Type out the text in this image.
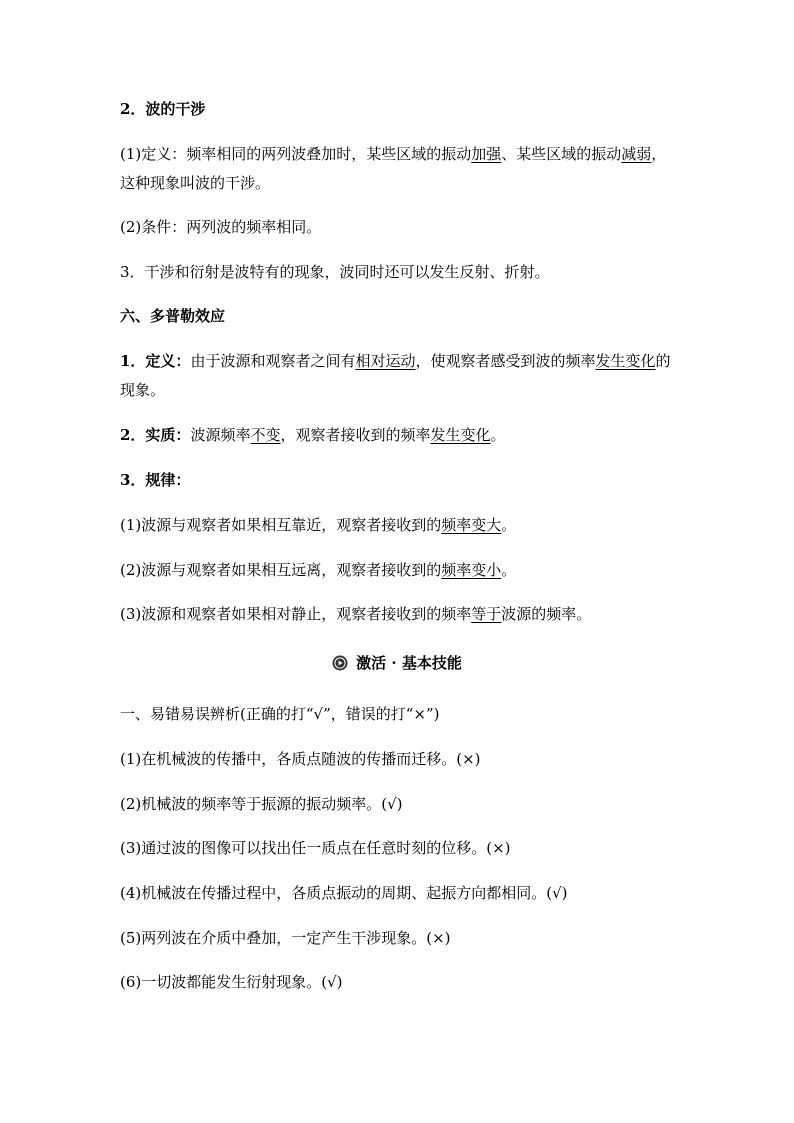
2．波的干涉

(1)定义：频率相同的两列波叠加时，某些区域的振动加强、某些区域的振动减弱，这种现象叫波的干涉。

(2)条件：两列波的频率相同。

3．干涉和衍射是波特有的现象，波同时还可以发生反射、折射。

六、多普勒效应

1．定义：由于波源和观察者之间有相对运动，使观察者感受到波的频率发生变化的现象。

2．实质：波源频率不变，观察者接收到的频率发生变化。

3．规律：

(1)波源与观察者如果相互靠近，观察者接收到的频率变大。

(2)波源与观察者如果相互远离，观察者接收到的频率变小。

(3)波源和观察者如果相对静止，观察者接收到的频率等于波源的频率。

激活 · 基本技能

一、易错易误辨析(正确的打“√”，错误的打“×”)

(1)在机械波的传播中，各质点随波的传播而迁移。(×)

(2)机械波的频率等于振源的振动频率。(√)

(3)通过波的图像可以找出任一质点在任意时刻的位移。(×)

(4)机械波在传播过程中，各质点振动的周期、起振方向都相同。(√)

(5)两列波在介质中叠加，一定产生干涉现象。(×)

(6)一切波都能发生衍射现象。(√)
